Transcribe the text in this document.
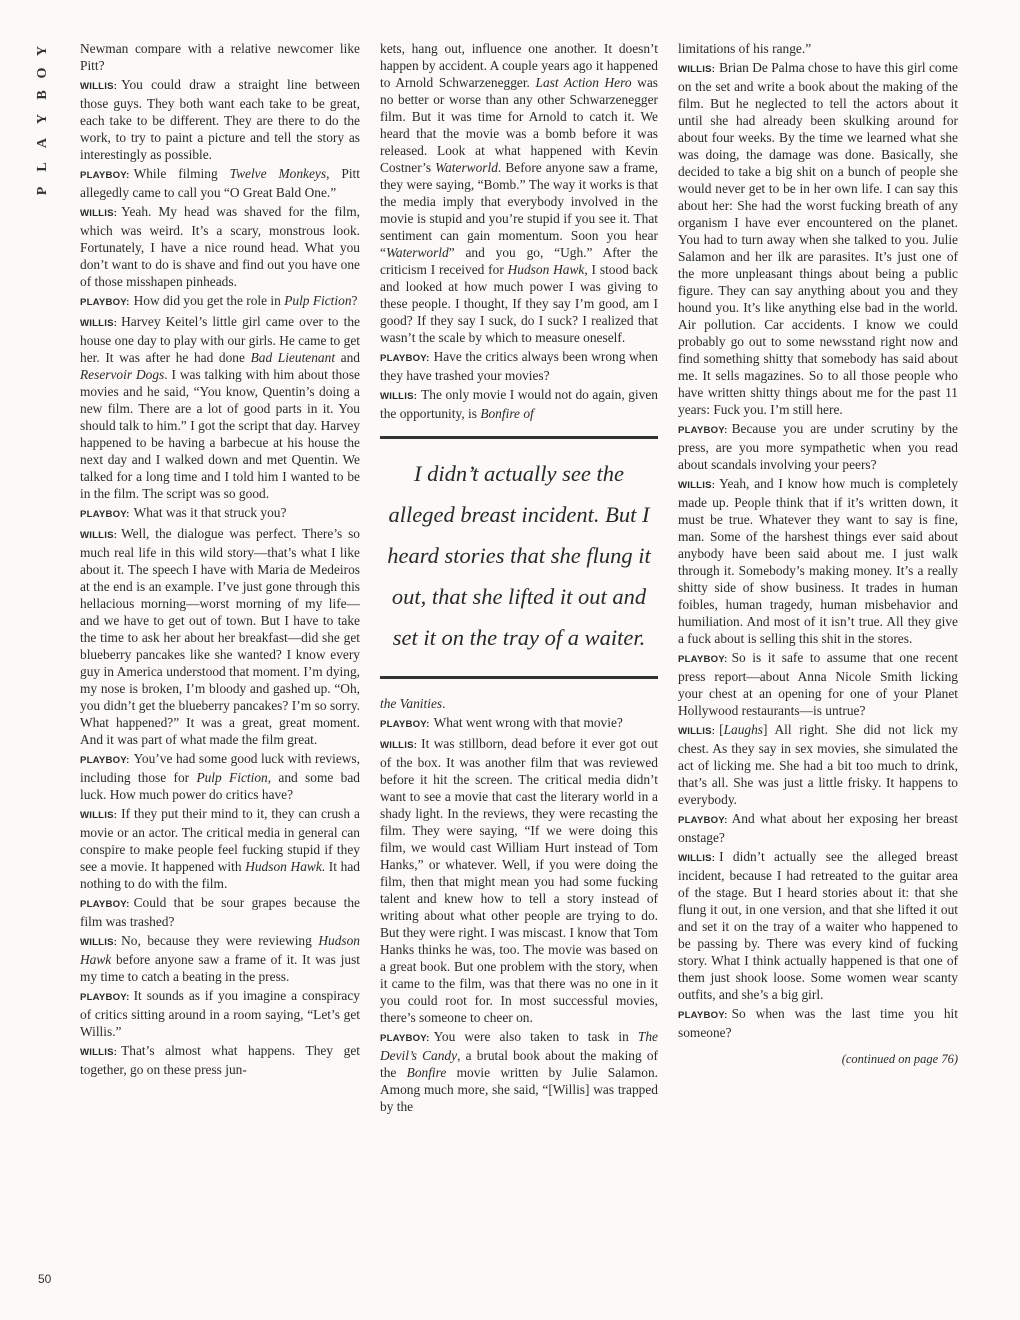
P
L
A
Y
B
O
Y Newman compare with a relative newcomer like Pitt?

WILLIS: You could draw a straight line between those guys. They both want each take to be great, each take to be different. They are there to do the work, to try to paint a picture and tell the story as interestingly as possible.

PLAYBOY: While filming Twelve Monkeys, Pitt allegedly came to call you “O Great Bald One.”

WILLIS: Yeah. My head was shaved for the film, which was weird. It’s a scary, monstrous look. Fortunately, I have a nice round head. What you don’t want to do is shave and find out you have one of those misshapen pinheads.

PLAYBOY: How did you get the role in Pulp Fiction?

WILLIS: Harvey Keitel’s little girl came over to the house one day to play with our girls. He came to get her. It was after he had done Bad Lieutenant and Reservoir Dogs. I was talking with him about those movies and he said, “You know, Quentin’s doing a new film. There are a lot of good parts in it. You should talk to him.” I got the script that day. Harvey happened to be having a barbecue at his house the next day and I walked down and met Quentin. We talked for a long time and I told him I wanted to be in the film. The script was so good.

PLAYBOY: What was it that struck you?

WILLIS: Well, the dialogue was perfect. There’s so much real life in this wild story—that’s what I like about it. The speech I have with Maria de Medeiros at the end is an example. I’ve just gone through this hellacious morning—worst morning of my life—and we have to get out of town. But I have to take the time to ask her about her breakfast—did she get blueberry pancakes like she wanted? I know every guy in America understood that moment. I’m dying, my nose is broken, I’m bloody and gashed up. “Oh, you didn’t get the blueberry pancakes? I’m so sorry. What happened?” It was a great, great moment. And it was part of what made the film great.

PLAYBOY: You’ve had some good luck with reviews, including those for Pulp Fiction, and some bad luck. How much power do critics have?

WILLIS: If they put their mind to it, they can crush a movie or an actor. The critical media in general can conspire to make people feel fucking stupid if they see a movie. It happened with Hudson Hawk. It had nothing to do with the film.

PLAYBOY: Could that be sour grapes because the film was trashed?

WILLIS: No, because they were reviewing Hudson Hawk before anyone saw a frame of it. It was just my time to catch a beating in the press.

PLAYBOY: It sounds as if you imagine a conspiracy of critics sitting around in a room saying, “Let’s get Willis.”

WILLIS: That’s almost what happens. They get together, go on these press jun-

kets, hang out, influence one another. It doesn’t happen by accident. A couple years ago it happened to Arnold Schwarzenegger. Last Action Hero was no better or worse than any other Schwarzenegger film. But it was time for Arnold to catch it. We heard that the movie was a bomb before it was released. Look at what happened with Kevin Costner’s Waterworld. Before anyone saw a frame, they were saying, “Bomb.” The way it works is that the media imply that everybody involved in the movie is stupid and you’re stupid if you see it. That sentiment can gain momentum. Soon you hear “Waterworld” and you go, “Ugh.” After the criticism I received for Hudson Hawk, I stood back and looked at how much power I was giving to these people. I thought, If they say I’m good, am I good? If they say I suck, do I suck? I realized that wasn’t the scale by which to measure oneself.

PLAYBOY: Have the critics always been wrong when they have trashed your movies?

WILLIS: The only movie I would not do again, given the opportunity, is Bonfire of

I didn’t actually see the alleged breast incident. But I heard stories that she flung it out, that she lifted it out and set it on the tray of a waiter.

the Vanities.

PLAYBOY: What went wrong with that movie?

WILLIS: It was stillborn, dead before it ever got out of the box. It was another film that was reviewed before it hit the screen. The critical media didn’t want to see a movie that cast the literary world in a shady light. In the reviews, they were recasting the film. They were saying, “If we were doing this film, we would cast William Hurt instead of Tom Hanks,” or whatever. Well, if you were doing the film, then that might mean you had some fucking talent and knew how to tell a story instead of writing about what other people are trying to do. But they were right. I was miscast. I know that Tom Hanks thinks he was, too. The movie was based on a great book. But one problem with the story, when it came to the film, was that there was no one in it you could root for. In most successful movies, there’s someone to cheer on.

PLAYBOY: You were also taken to task in The Devil’s Candy, a brutal book about the making of the Bonfire movie written by Julie Salamon. Among much more, she said, “[Willis] was trapped by the

limitations of his range.”

WILLIS: Brian De Palma chose to have this girl come on the set and write a book about the making of the film. But he neglected to tell the actors about it until she had already been skulking around for about four weeks. By the time we learned what she was doing, the damage was done. Basically, she decided to take a big shit on a bunch of people she would never get to be in her own life. I can say this about her: She had the worst fucking breath of any organism I have ever encountered on the planet. You had to turn away when she talked to you. Julie Salamon and her ilk are parasites. It’s just one of the more unpleasant things about being a public figure. They can say anything about you and they hound you. It’s like anything else bad in the world. Air pollution. Car accidents. I know we could probably go out to some newsstand right now and find something shitty that somebody has said about me. It sells magazines. So to all those people who have written shitty things about me for the past 11 years: Fuck you. I’m still here.

PLAYBOY: Because you are under scrutiny by the press, are you more sympathetic when you read about scandals involving your peers?

WILLIS: Yeah, and I know how much is completely made up. People think that if it’s written down, it must be true. Whatever they want to say is fine, man. Some of the harshest things ever said about anybody have been said about me. I just walk through it. Somebody’s making money. It’s a really shitty side of show business. It trades in human foibles, human tragedy, human misbehavior and humiliation. And most of it isn’t true. All they give a fuck about is selling this shit in the stores.

PLAYBOY: So is it safe to assume that one recent press report—about Anna Nicole Smith licking your chest at an opening for one of your Planet Hollywood restaurants—is untrue?

WILLIS: [Laughs] All right. She did not lick my chest. As they say in sex movies, she simulated the act of licking me. She had a bit too much to drink, that’s all. She was just a little frisky. It happens to everybody.

PLAYBOY: And what about her exposing her breast onstage?

WILLIS: I didn’t actually see the alleged breast incident, because I had retreated to the guitar area of the stage. But I heard stories about it: that she flung it out, in one version, and that she lifted it out and set it on the tray of a waiter who happened to be passing by. There was every kind of fucking story. What I think actually happened is that one of them just shook loose. Some women wear scanty outfits, and she’s a big girl.

PLAYBOY: So when was the last time you hit someone?

(continued on page 76)
50
